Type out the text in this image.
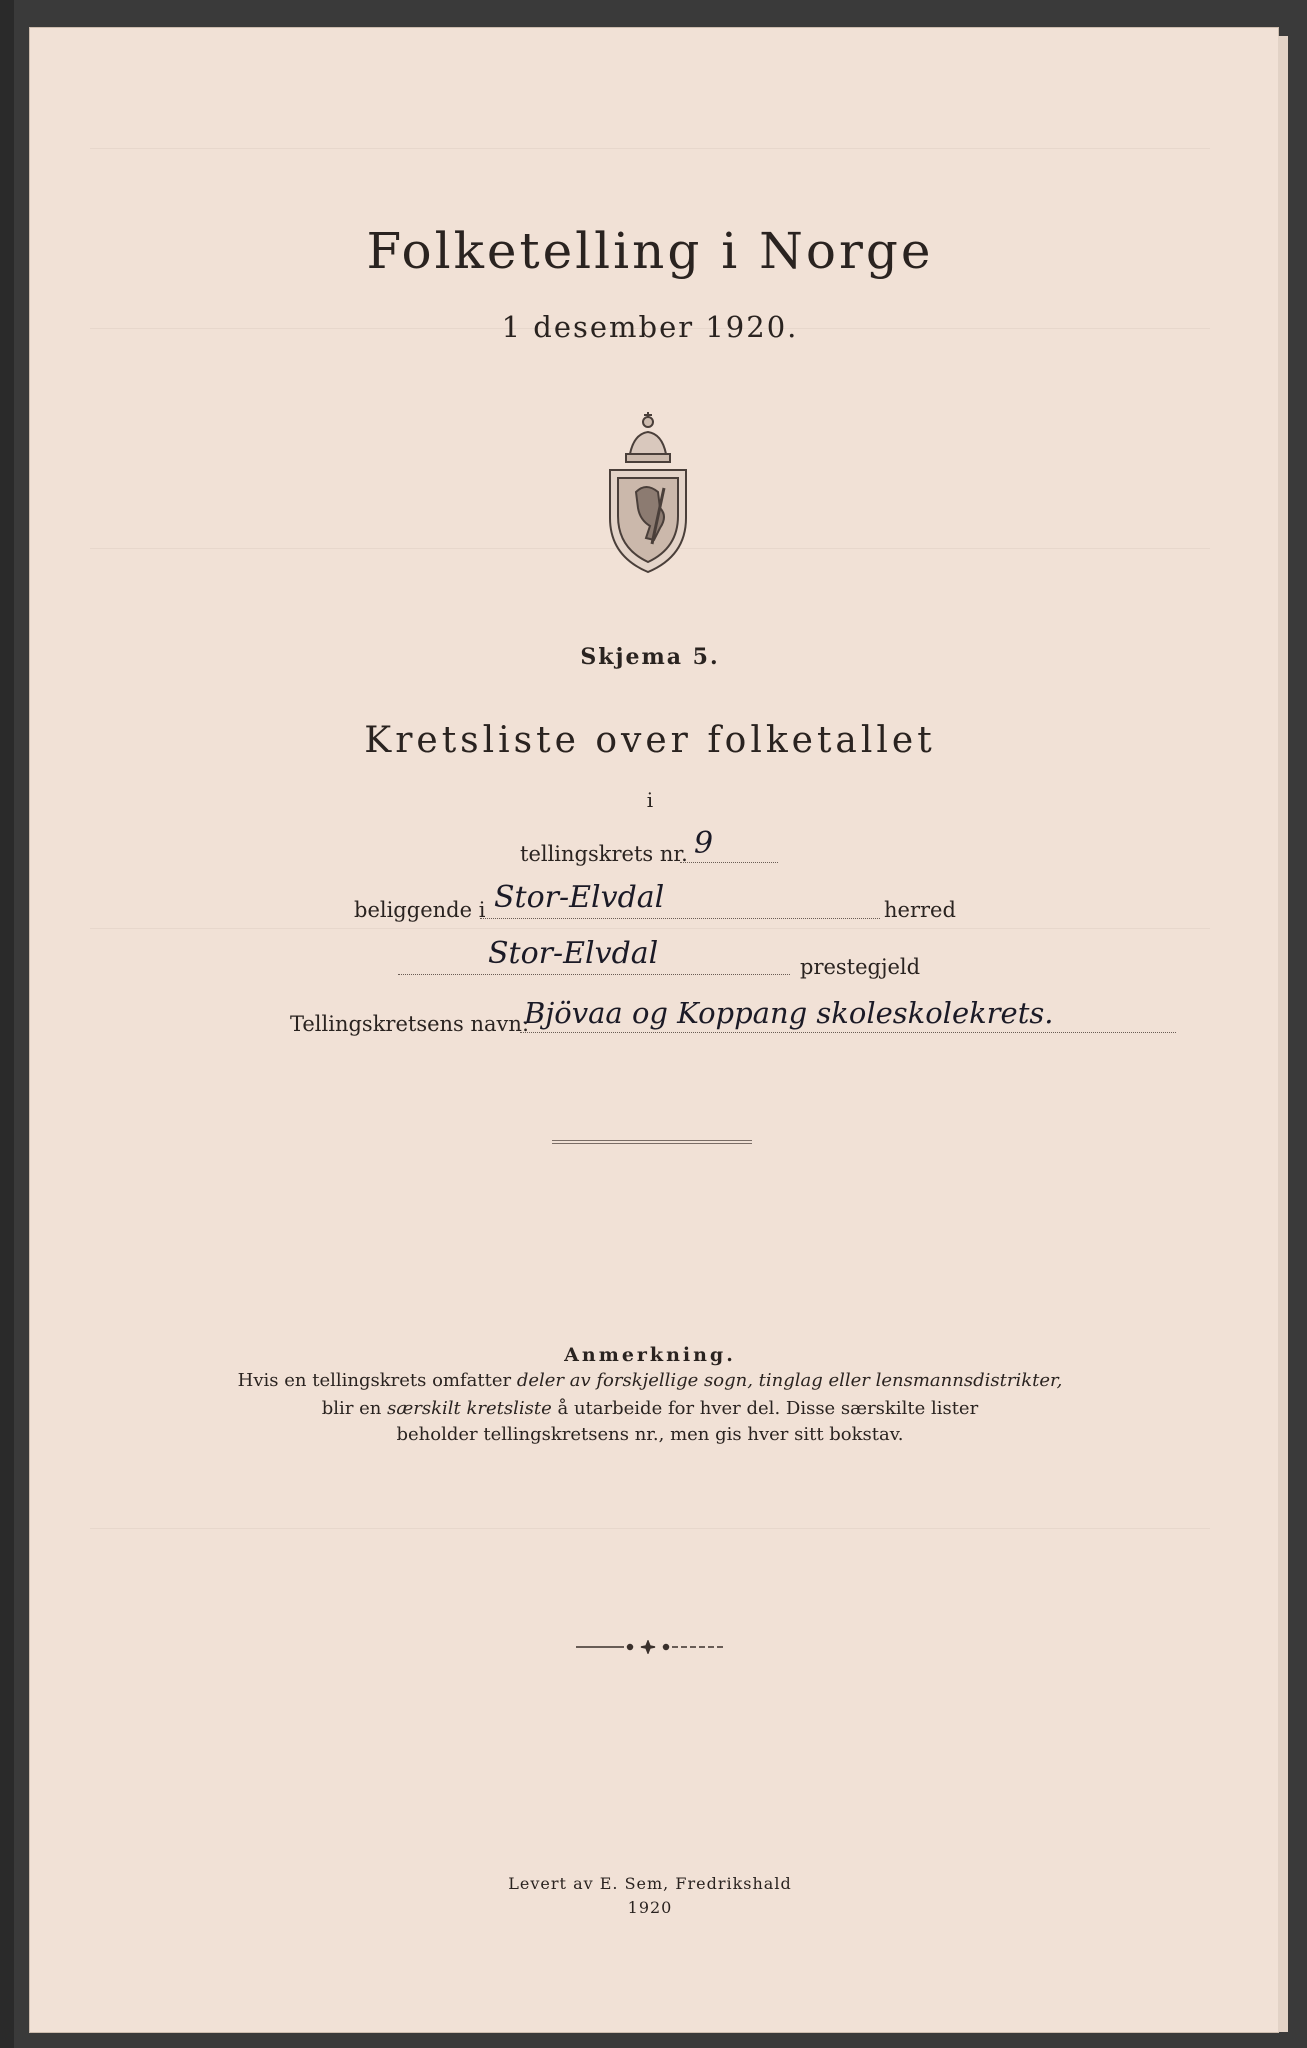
Folketelling i Norge
1 desember 1920.
Skjema 5.
Kretsliste over folketallet
i
tellingskrets nr. 9
beliggende i Stor-Elvdal	herred
Stor-Elvdal	prestegjeld
Tellingskretsens navn:
Bjövaa og Koppang skoleskolekrets.
Anmerkning.
Hvis en tellingskrets omfatter deler av forskjellige sogn, tinglag eller lensmannsdistrikter,
blir en særskilt kretsliste å utarbeide for hver del. Disse særskilte lister
beholder tellingskretsens nr., men gis hver sitt bokstav.
Levert av E. Sem, Fredrikshald
1920
